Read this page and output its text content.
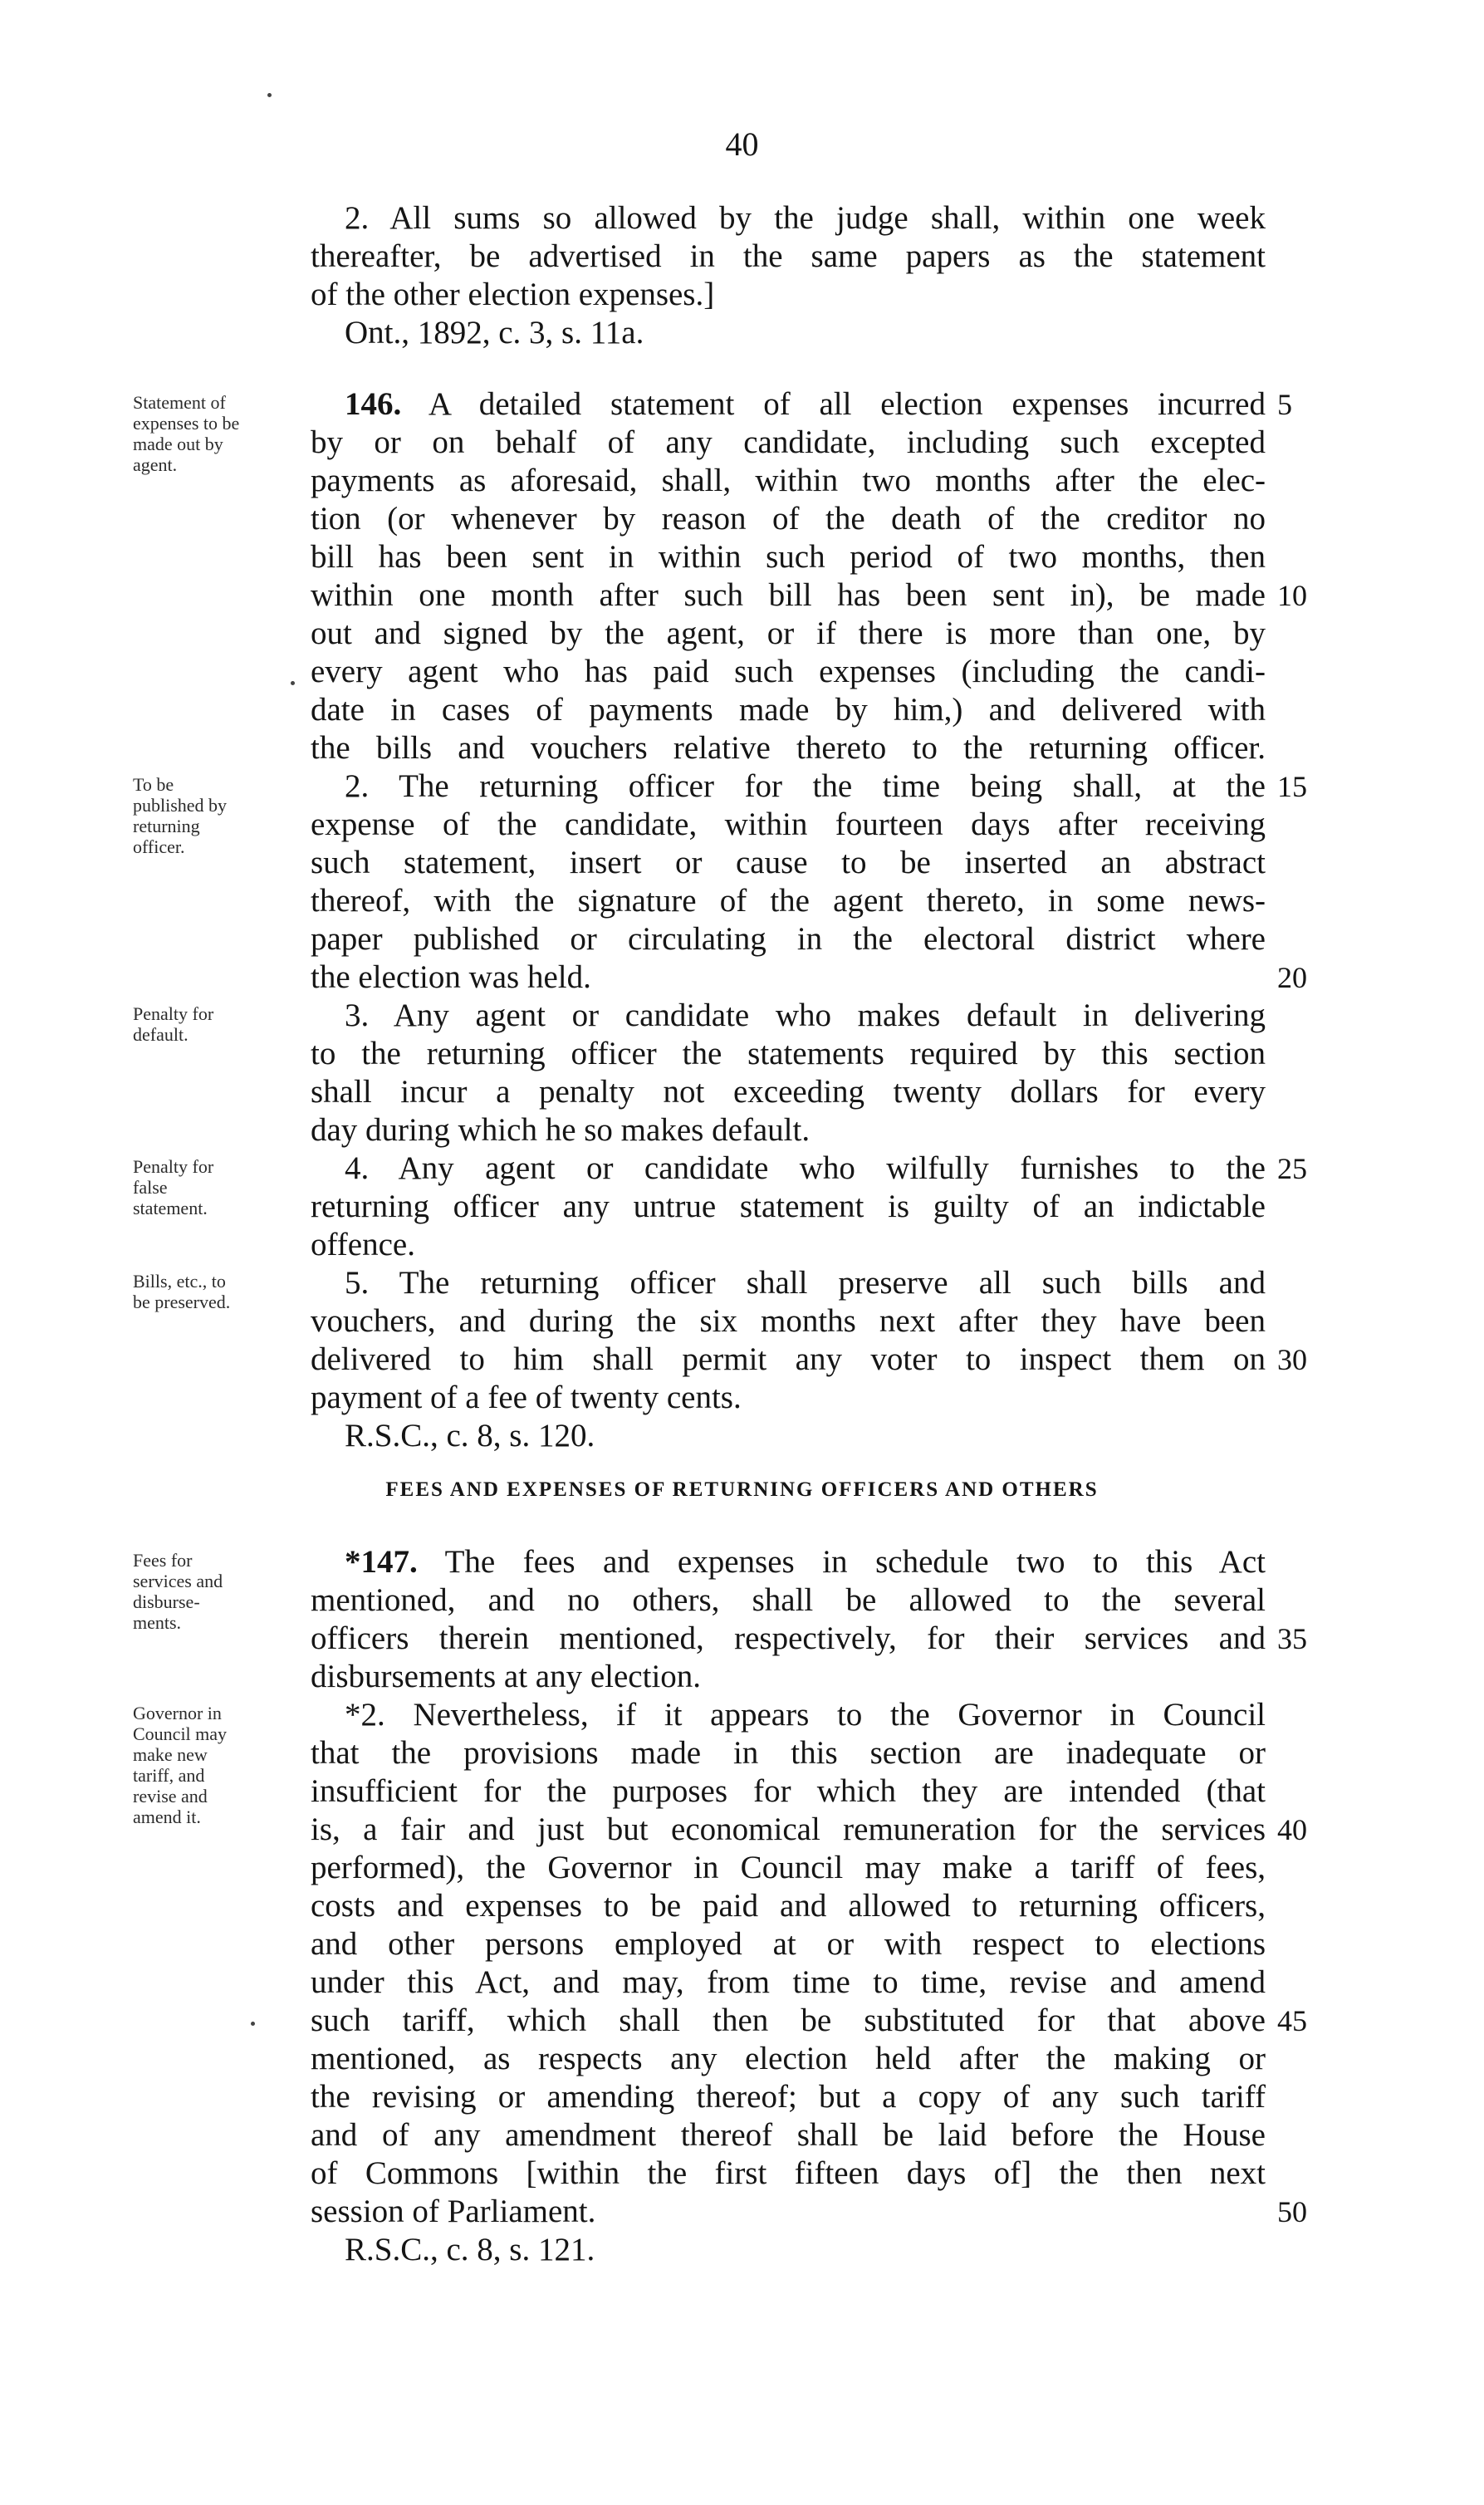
40
2. All sums so allowed by the judge shall, within one week
thereafter, be advertised in the same papers as the statement
of the other election expenses.]
Ont., 1892, c. 3, s. 11a.
146. A detailed statement of all election expenses incurred
by or on behalf of any candidate, including such excepted
payments as aforesaid, shall, within two months after the elec-
tion (or whenever by reason of the death of the creditor no
bill has been sent in within such period of two months, then
within one month after such bill has been sent in), be made
out and signed by the agent, or if there is more than one, by
every agent who has paid such expenses (including the candi-
date in cases of payments made by him,) and delivered with
the bills and vouchers relative thereto to the returning officer.
2. The returning officer for the time being shall, at the
expense of the candidate, within fourteen days after receiving
such statement, insert or cause to be inserted an abstract
thereof, with the signature of the agent thereto, in some news-
paper published or circulating in the electoral district where
the election was held.
3. Any agent or candidate who makes default in delivering
to the returning officer the statements required by this section
shall incur a penalty not exceeding twenty dollars for every
day during which he so makes default.
4. Any agent or candidate who wilfully furnishes to the
returning officer any untrue statement is guilty of an indictable
offence.
5. The returning officer shall preserve all such bills and
vouchers, and during the six months next after they have been
delivered to him shall permit any voter to inspect them on
payment of a fee of twenty cents.
R.S.C., c. 8, s. 120.
FEES AND EXPENSES OF RETURNING OFFICERS AND OTHERS
*147. The fees and expenses in schedule two to this Act
mentioned, and no others, shall be allowed to the several
officers therein mentioned, respectively, for their services and
disbursements at any election.
*2. Nevertheless, if it appears to the Governor in Council
that the provisions made in this section are inadequate or
insufficient for the purposes for which they are intended (that
is, a fair and just but economical remuneration for the services
performed), the Governor in Council may make a tariff of fees,
costs and expenses to be paid and allowed to returning officers,
and other persons employed at or with respect to elections
under this Act, and may, from time to time, revise and amend
such tariff, which shall then be substituted for that above
mentioned, as respects any election held after the making or
the revising or amending thereof; but a copy of any such tariff
and of any amendment thereof shall be laid before the House
of Commons [within the first fifteen days of] the then next
session of Parliament.
R.S.C., c. 8, s. 121.
Statement of
expenses to be
made out by
agent.
To be
published by
returning
officer.
Penalty for
default.
Penalty for
false
statement.
Bills, etc., to
be preserved.
Fees for
services and
disburse-
ments.
Governor in
Council may
make new
tariff, and
revise and
amend it.
5
10
15
20
25
30
35
40
45
50
